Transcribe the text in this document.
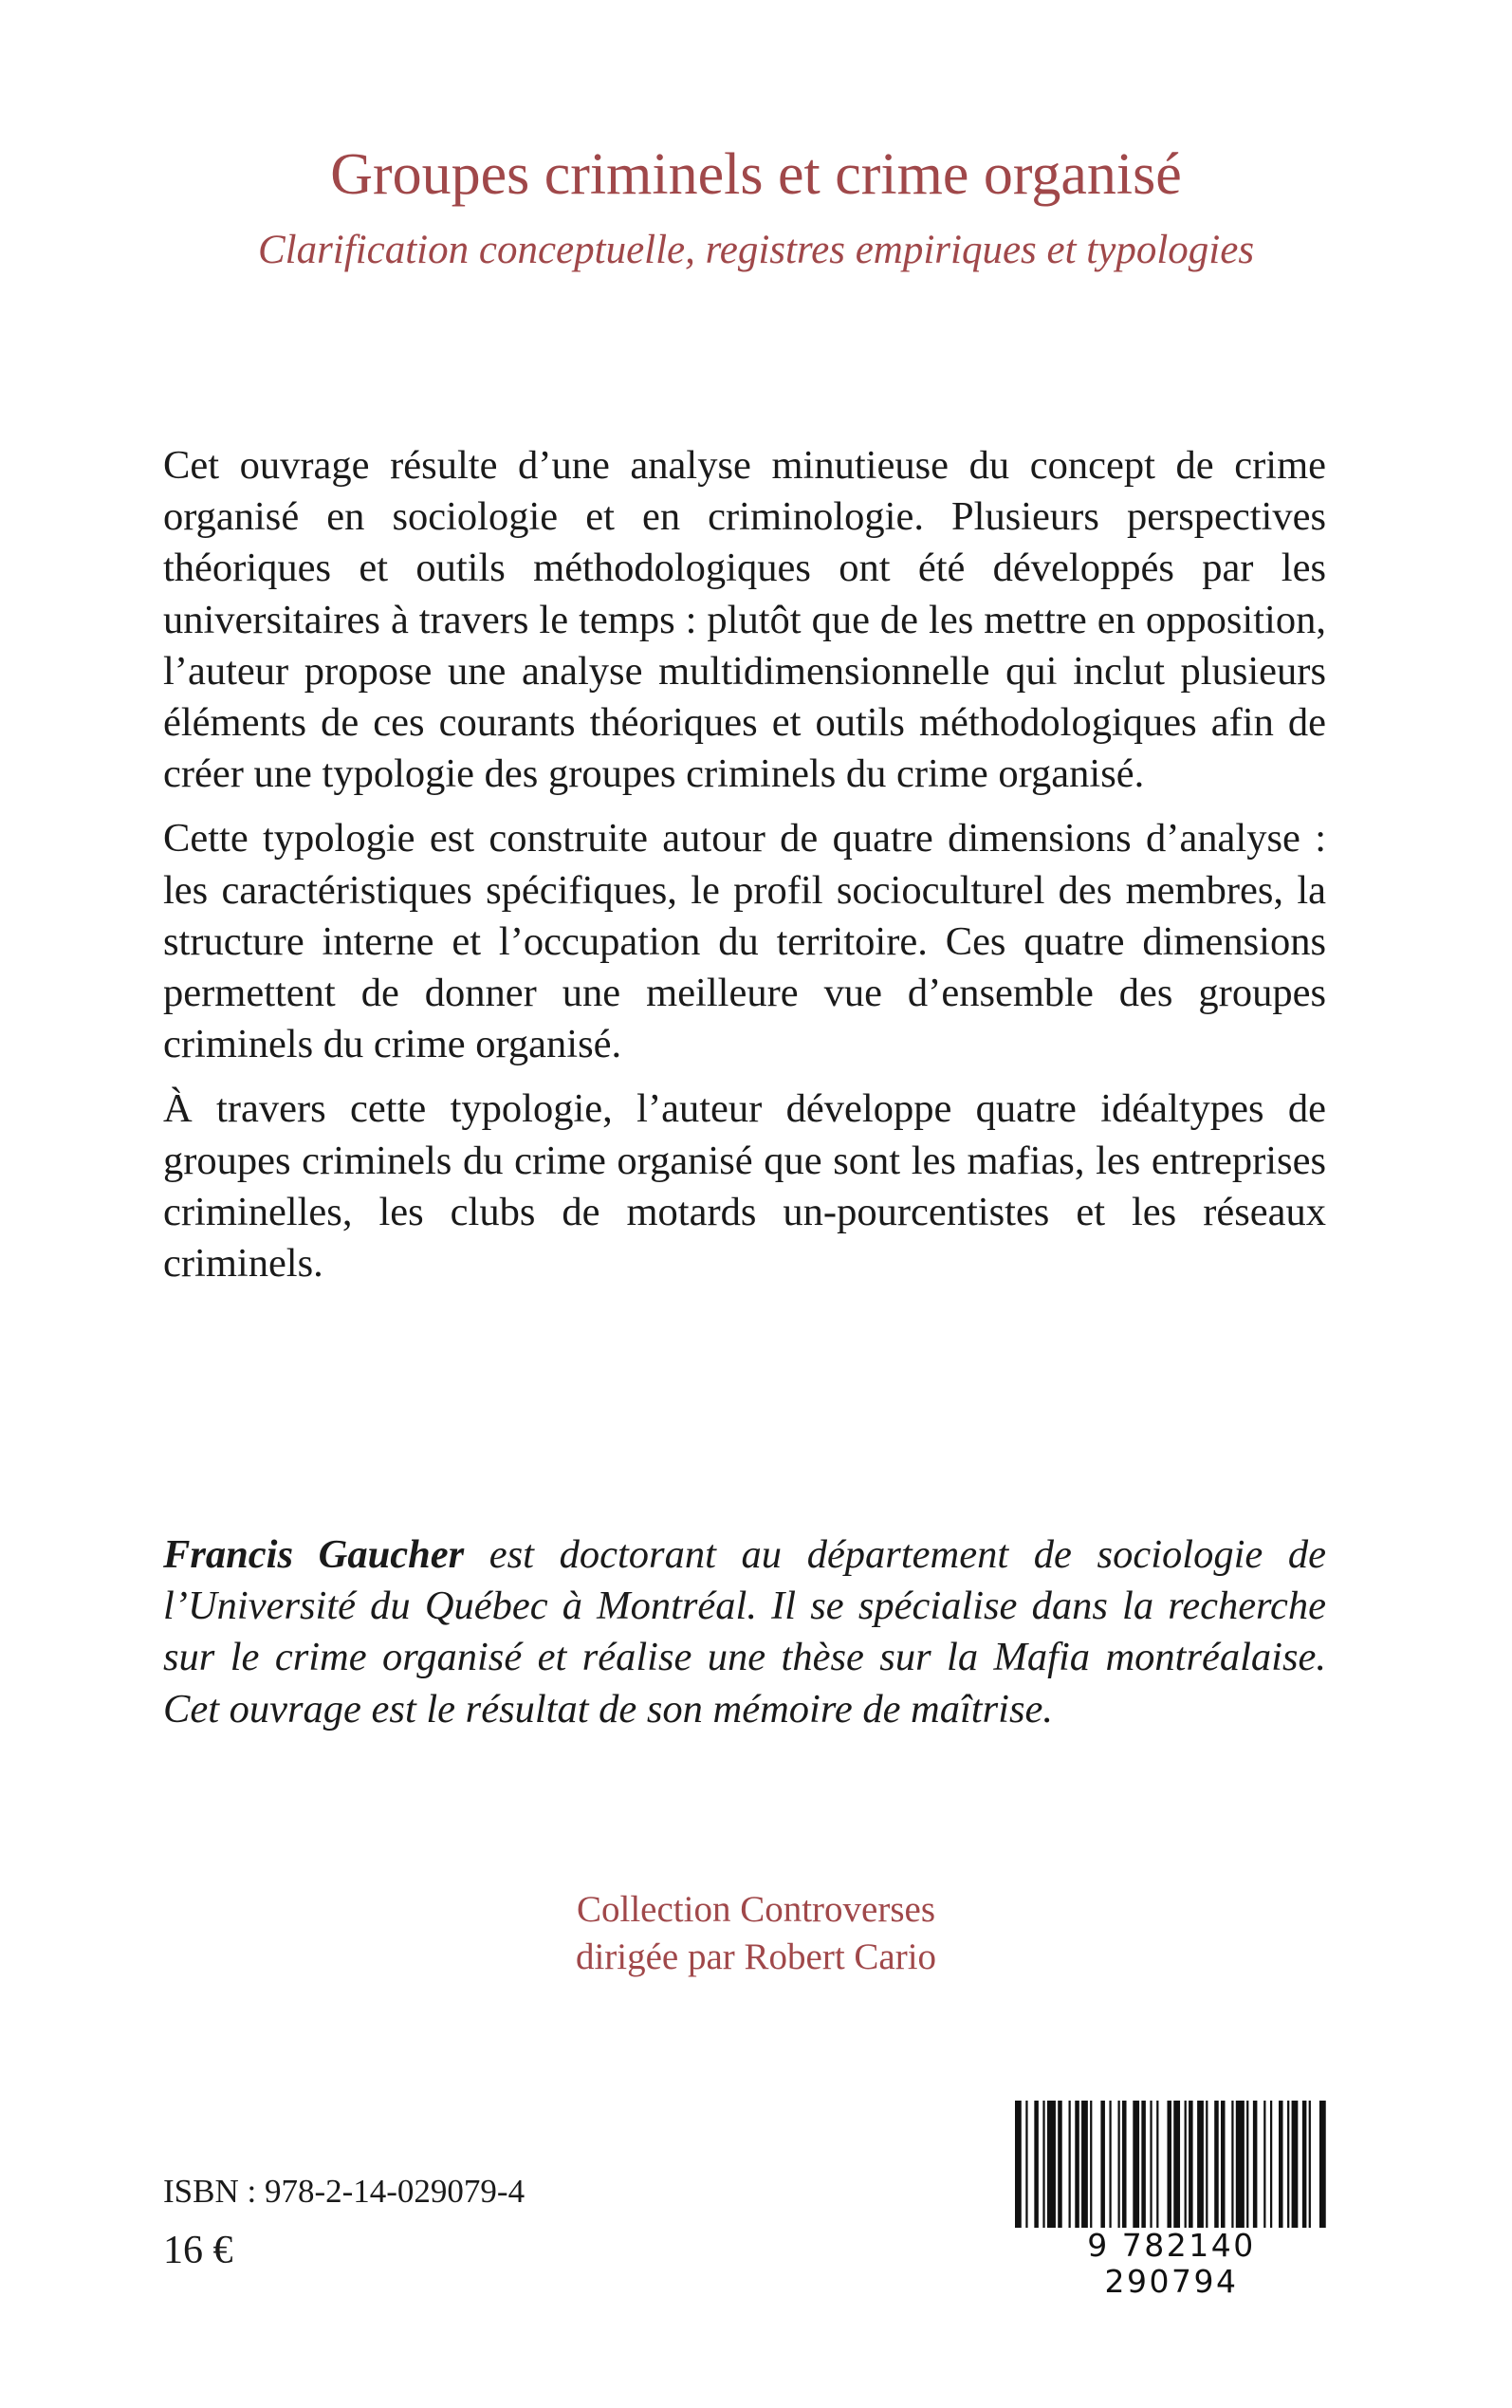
Groupes criminels et crime organisé
Clarification conceptuelle, registres empiriques et typologies

Cet ouvrage résulte d’une analyse minutieuse du concept de crime organisé en sociologie et en criminologie. Plusieurs perspectives théoriques et outils méthodologiques ont été développés par les universitaires à travers le temps : plutôt que de les mettre en opposition, l’auteur propose une analyse multidimensionnelle qui inclut plusieurs éléments de ces courants théoriques et outils méthodologiques afin de créer une typologie des groupes criminels du crime organisé.

Cette typologie est construite autour de quatre dimensions d’analyse : les caractéristiques spécifiques, le profil socioculturel des membres, la structure interne et l’occupation du territoire. Ces quatre dimensions permettent de donner une meilleure vue d’ensemble des groupes criminels du crime organisé.

À travers cette typologie, l’auteur développe quatre idéaltypes de groupes criminels du crime organisé que sont les mafias, les entreprises criminelles, les clubs de motards un-pourcentistes et les réseaux criminels.

Francis Gaucher est doctorant au département de sociologie de l’Université du Québec à Montréal. Il se spécialise dans la recherche sur le crime organisé et réalise une thèse sur la Mafia montréalaise. Cet ouvrage est le résultat de son mémoire de maîtrise.

Collection Controverses
dirigée par Robert Cario
ISBN : 978-2-14-029079-4
16 €	9 782140 290794
